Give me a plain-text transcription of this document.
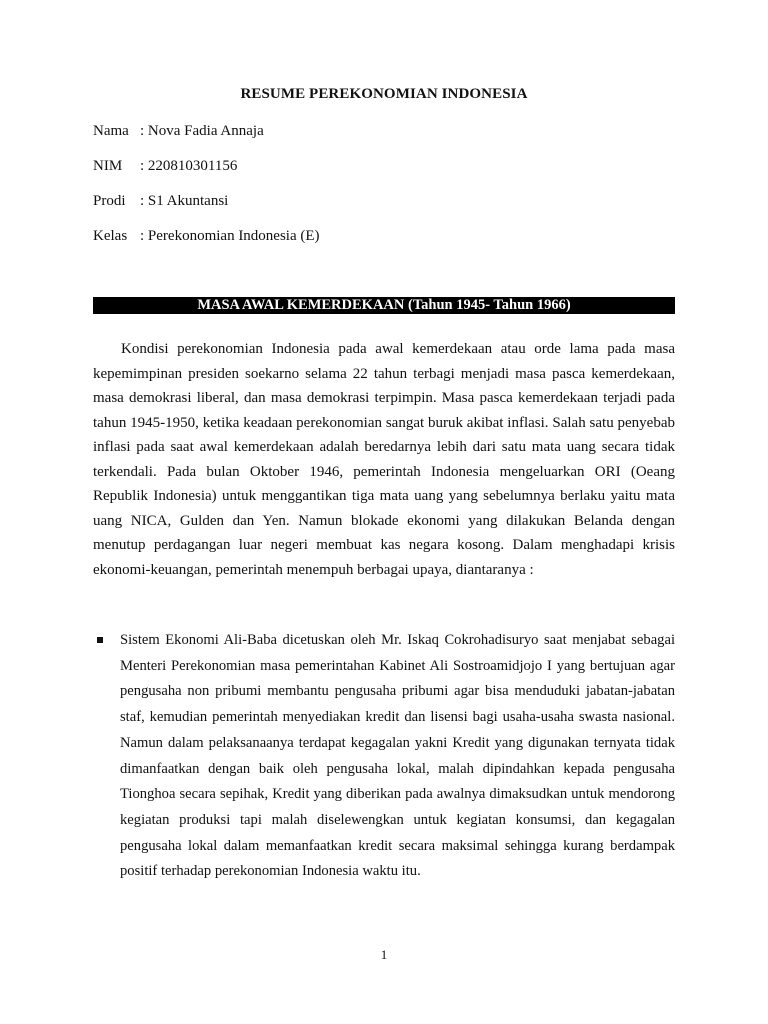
RESUME PEREKONOMIAN INDONESIA
Nama : Nova Fadia Annaja
NIM : 220810301156
Prodi : S1 Akuntansi
Kelas : Perekonomian Indonesia (E)
MASA AWAL KEMERDEKAAN (Tahun 1945- Tahun 1966)

Kondisi perekonomian Indonesia pada awal kemerdekaan atau orde lama pada masa kepemimpinan presiden soekarno selama 22 tahun terbagi menjadi masa pasca kemerdekaan, masa demokrasi liberal, dan masa demokrasi terpimpin. Masa pasca kemerdekaan terjadi pada tahun 1945-1950, ketika keadaan perekonomian sangat buruk akibat inflasi. Salah satu penyebab inflasi pada saat awal kemerdekaan adalah beredarnya lebih dari satu mata uang secara tidak terkendali. Pada bulan Oktober 1946, pemerintah Indonesia mengeluarkan ORI (Oeang Republik Indonesia) untuk menggantikan tiga mata uang yang sebelumnya berlaku yaitu mata uang NICA, Gulden dan Yen. Namun blokade ekonomi yang dilakukan Belanda dengan menutup perdagangan luar negeri membuat kas negara kosong. Dalam menghadapi krisis ekonomi-keuangan, pemerintah menempuh berbagai upaya, diantaranya :

Sistem Ekonomi Ali-Baba dicetuskan oleh Mr. Iskaq Cokrohadisuryo saat menjabat sebagai Menteri Perekonomian masa pemerintahan Kabinet Ali Sostroamidjojo I yang bertujuan agar pengusaha non pribumi membantu pengusaha pribumi agar bisa menduduki jabatan-jabatan staf, kemudian pemerintah menyediakan kredit dan lisensi bagi usaha-usaha swasta nasional. Namun dalam pelaksanaanya terdapat kegagalan yakni Kredit yang digunakan ternyata tidak dimanfaatkan dengan baik oleh pengusaha lokal, malah dipindahkan kepada pengusaha Tionghoa secara sepihak, Kredit yang diberikan pada awalnya dimaksudkan untuk mendorong kegiatan produksi tapi malah diselewengkan untuk kegiatan konsumsi, dan kegagalan pengusaha lokal dalam memanfaatkan kredit secara maksimal sehingga kurang berdampak positif terhadap perekonomian Indonesia waktu itu.

1
